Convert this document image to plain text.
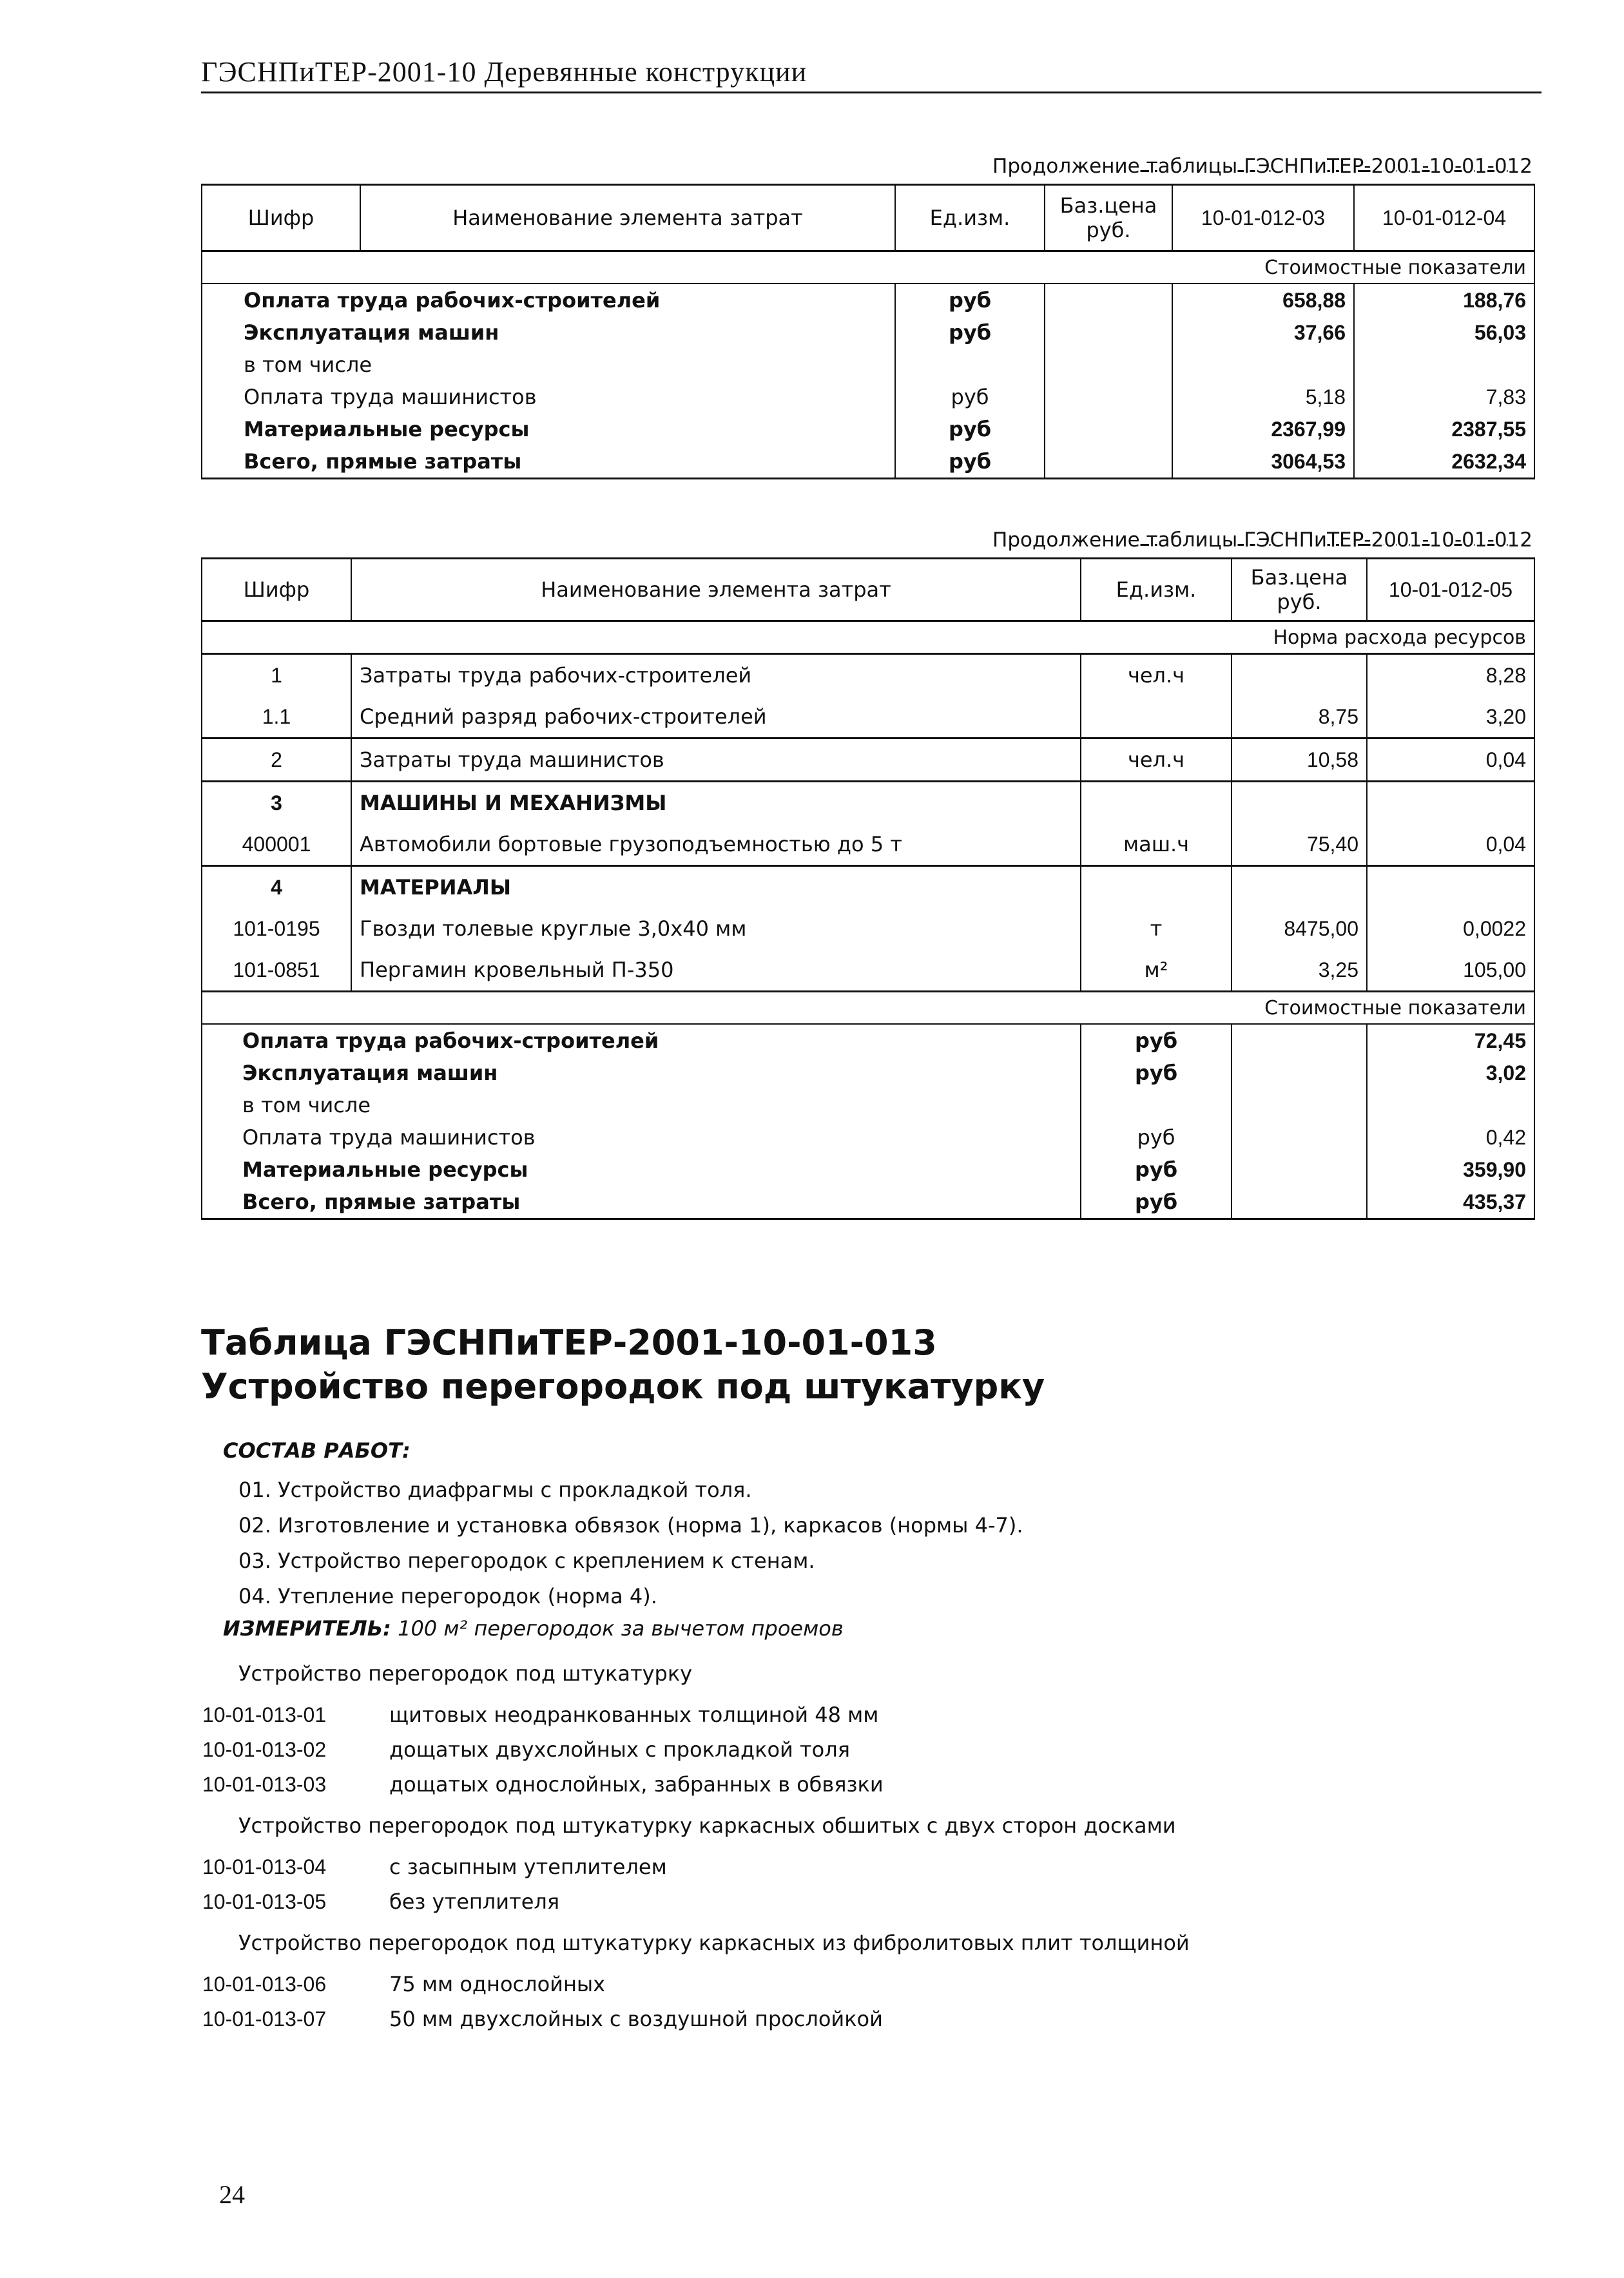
ГЭСНПиТЕР-2001-10 Деревянные конструкции
Продолжение таблицы ГЭСНПиТЕР-2001-10-01-012
Шифр	Наименование элемента затрат	Ед.изм.	Баз.цена руб.	10-01-012-03	10-01-012-04
Стоимостные показатели					
Оплата труда рабочих-строителей		руб		658,88	188,76
Эксплуатация машин		руб		37,66	56,03
в том числе					
Оплата труда машинистов		руб		5,18	7,83
Материальные ресурсы		руб		2367,99	2387,55
Всего, прямые затраты		руб		3064,53	2632,34
Продолжение таблицы ГЭСНПиТЕР-2001-10-01-012
Шифр	Наименование элемента затрат	Ед.изм.	Баз.цена руб.	10-01-012-05
Норма расхода ресурсов				
1	Затраты труда рабочих-строителей	чел.ч		8,28
1.1	Средний разряд рабочих-строителей		8,75	3,20
2	Затраты труда машинистов	чел.ч	10,58	0,04
3	МАШИНЫ И МЕХАНИЗМЫ			
400001	Автомобили бортовые грузоподъемностью до 5 т	маш.ч	75,40	0,04
4	МАТЕРИАЛЫ			
101-0195	Гвозди толевые круглые 3,0х40 мм	т	8475,00	0,0022
101-0851	Пергамин кровельный П-350	м²	3,25	105,00
Стоимостные показатели				
Оплата труда рабочих-строителей		руб		72,45
Эксплуатация машин		руб		3,02
в том числе				
Оплата труда машинистов		руб		0,42
Материальные ресурсы		руб		359,90
Всего, прямые затраты		руб		435,37
Таблица ГЭСНПиТЕР-2001-10-01-013
Устройство перегородок под штукатурку
СОСТАВ РАБОТ:
01. Устройство диафрагмы с прокладкой толя.
02. Изготовление и установка обвязок (норма 1), каркасов (нормы 4-7).
03. Устройство перегородок с креплением к стенам.
04. Утепление перегородок (норма 4).
ИЗМЕРИТЕЛЬ: 100 м² перегородок за вычетом проемов
Устройство перегородок под штукатурку
10-01-013-01	щитовых неодранкованных толщиной 48 мм
10-01-013-02	дощатых двухслойных с прокладкой толя
10-01-013-03	дощатых однослойных, забранных в обвязки
Устройство перегородок под штукатурку каркасных обшитых с двух сторон досками
10-01-013-04	с засыпным утеплителем
10-01-013-05	без утеплителя
Устройство перегородок под штукатурку каркасных из фибролитовых плит толщиной
10-01-013-06	75 мм однослойных
10-01-013-07	50 мм двухслойных с воздушной прослойкой
24
